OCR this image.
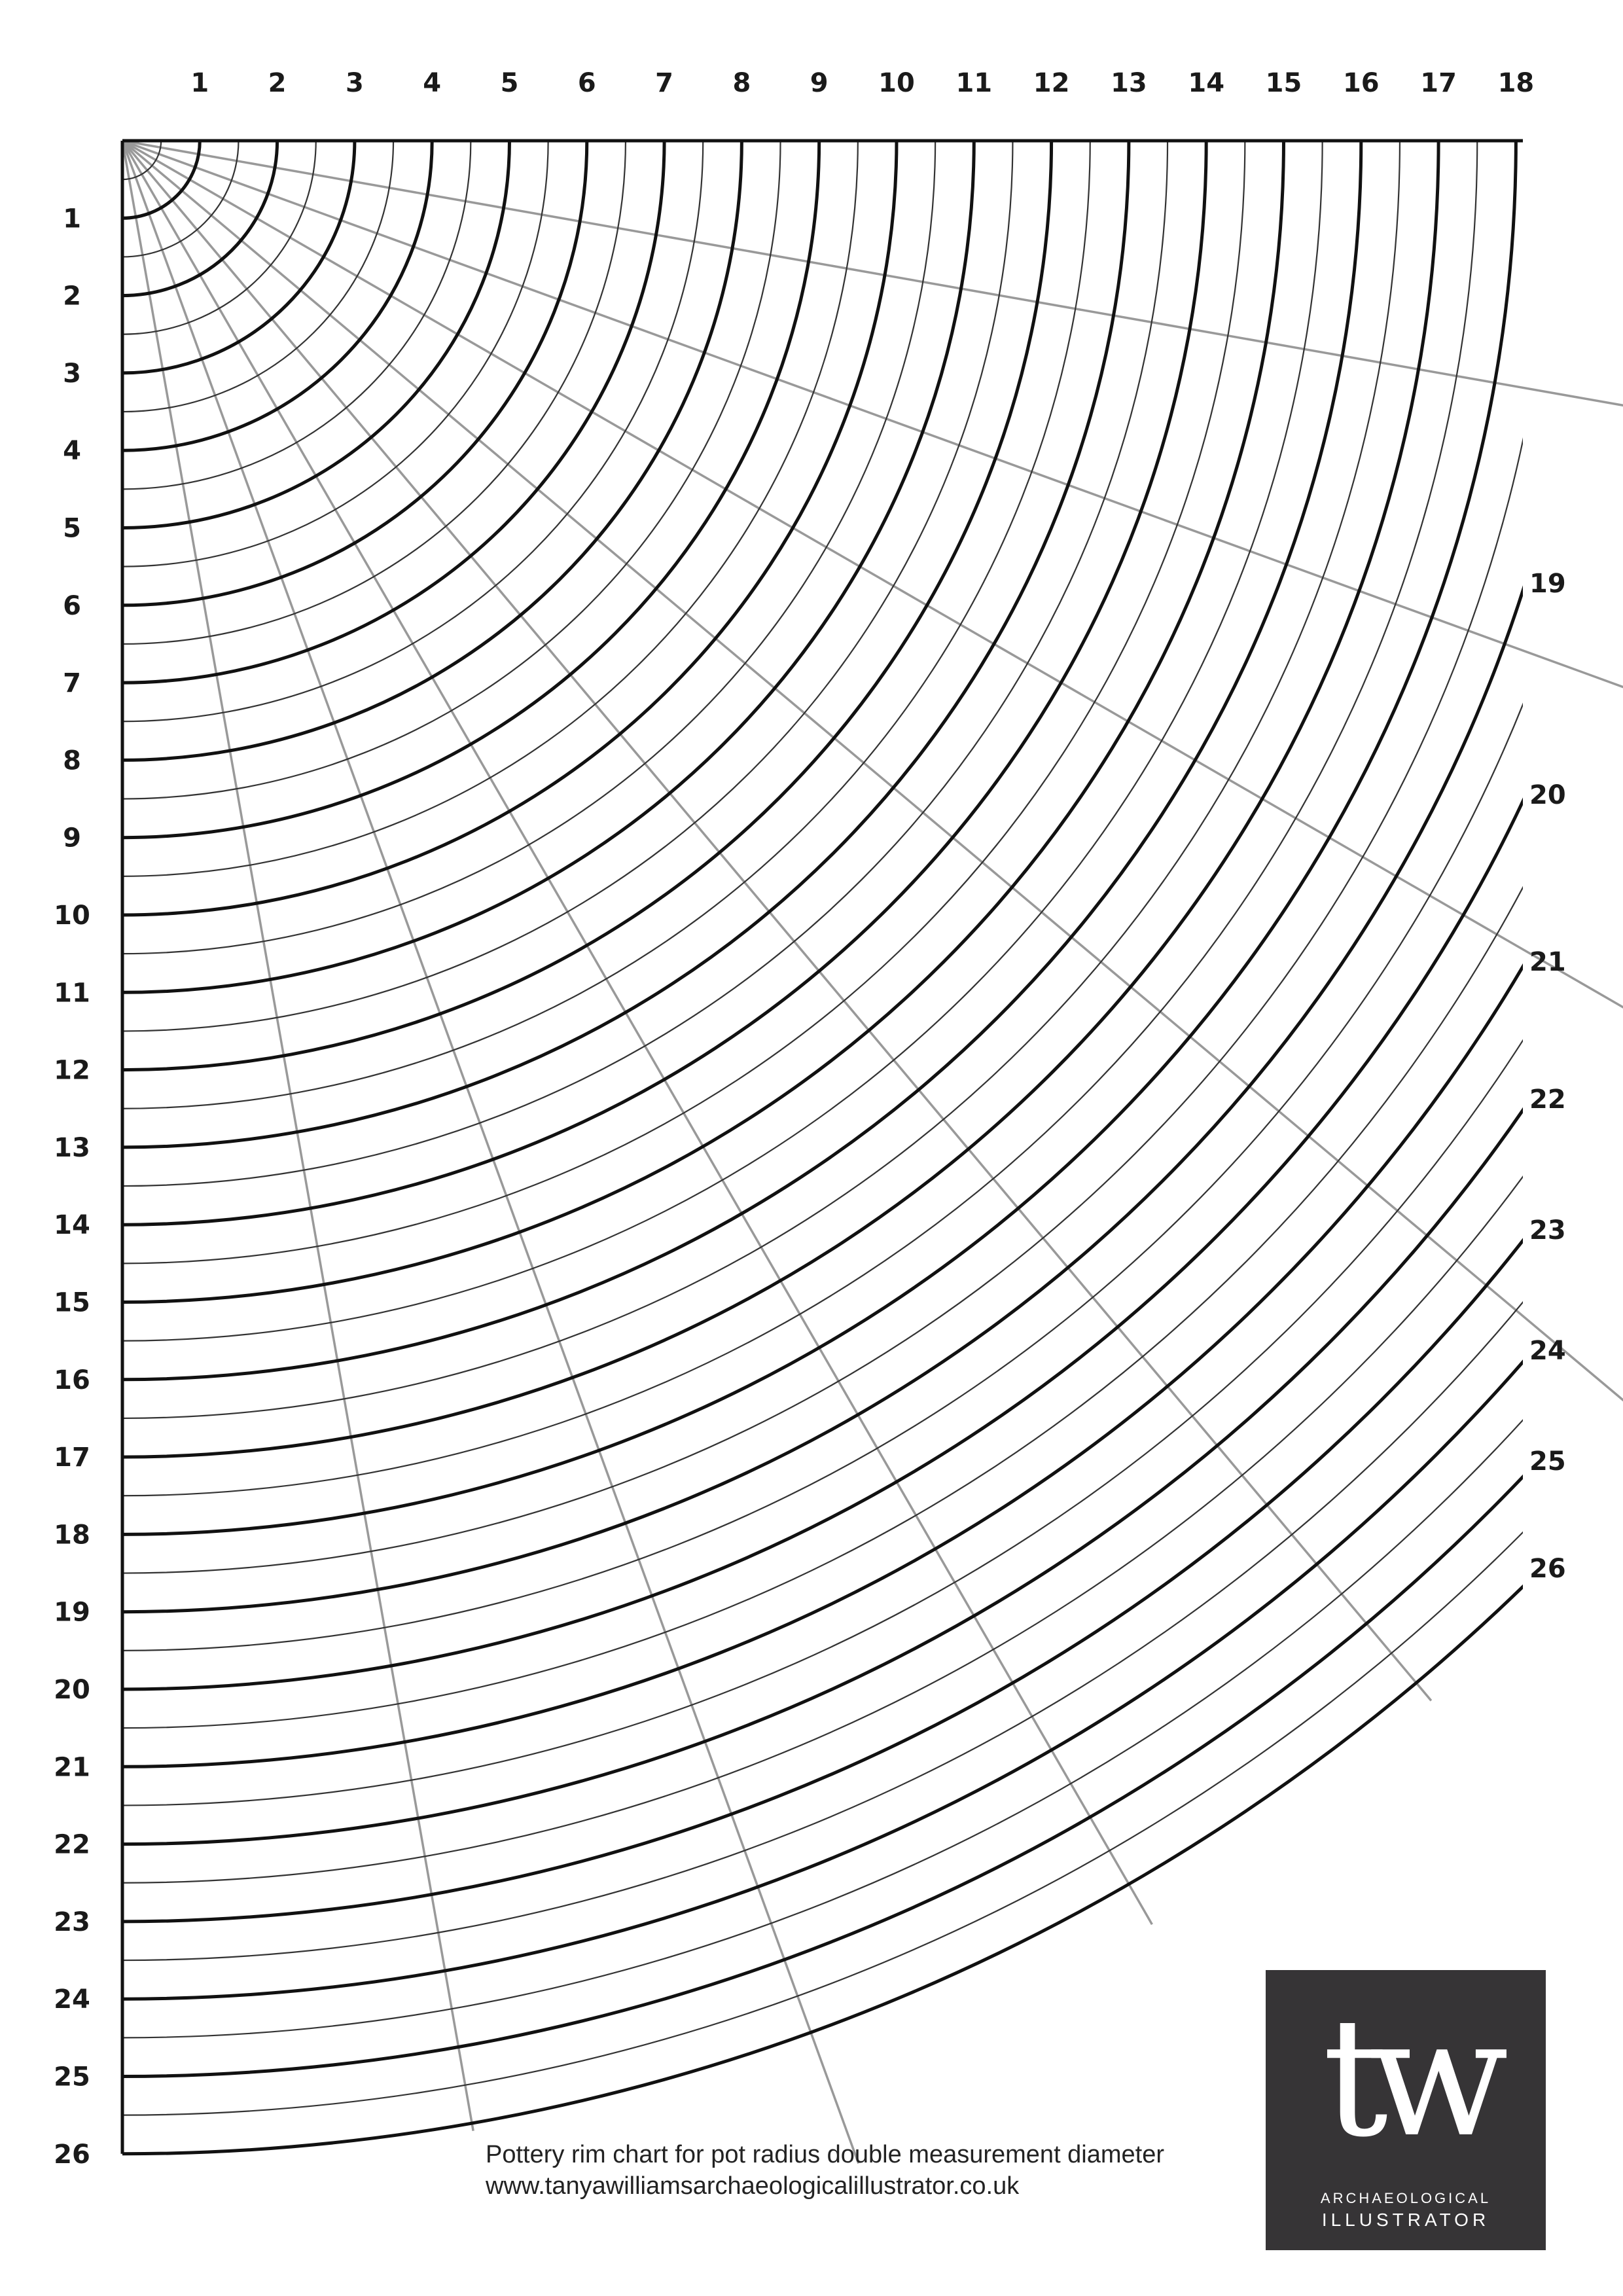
1 2 3 4 5 6 7 8 9 10 11 12 13 14 15 16 17 18
1
2
3
4
5
6
7
8
9
10
11
12
13
14
15
16
17
18
19
20
21
22
23
24
25
26
19
20
21
22
23
24
25
26
Pottery rim chart for pot radius double measurement diameter
www.tanyawilliamsarchaeologicalillustrator.co.uk
tw
ARCHAEOLOGICAL
ILLUSTRATOR
